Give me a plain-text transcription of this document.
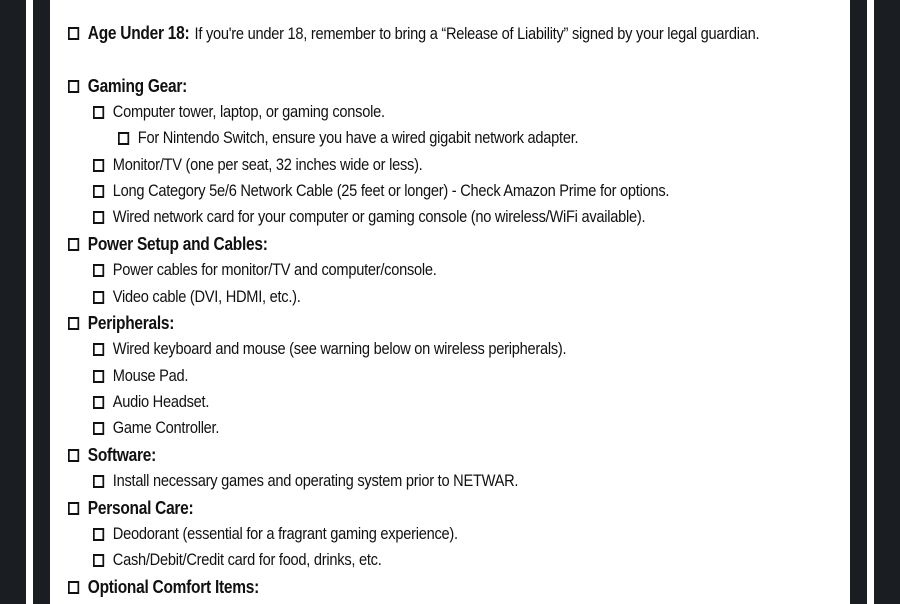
Age Under 18: If you're under 18, remember to bring a “Release of Liability” signed by your legal guardian.
Gaming Gear:
Computer tower, laptop, or gaming console.
For Nintendo Switch, ensure you have a wired gigabit network adapter.
Monitor/TV (one per seat, 32 inches wide or less).
Long Category 5e/6 Network Cable (25 feet or longer) - Check Amazon Prime for options.
Wired network card for your computer or gaming console (no wireless/WiFi available).
Power Setup and Cables:
Power cables for monitor/TV and computer/console.
Video cable (DVI, HDMI, etc.).
Peripherals:
Wired keyboard and mouse (see warning below on wireless peripherals).
Mouse Pad.
Audio Headset.
Game Controller.
Software:
Install necessary games and operating system prior to NETWAR.
Personal Care:
Deodorant (essential for a fragrant gaming experience).
Cash/Debit/Credit card for food, drinks, etc.
Optional Comfort Items:
